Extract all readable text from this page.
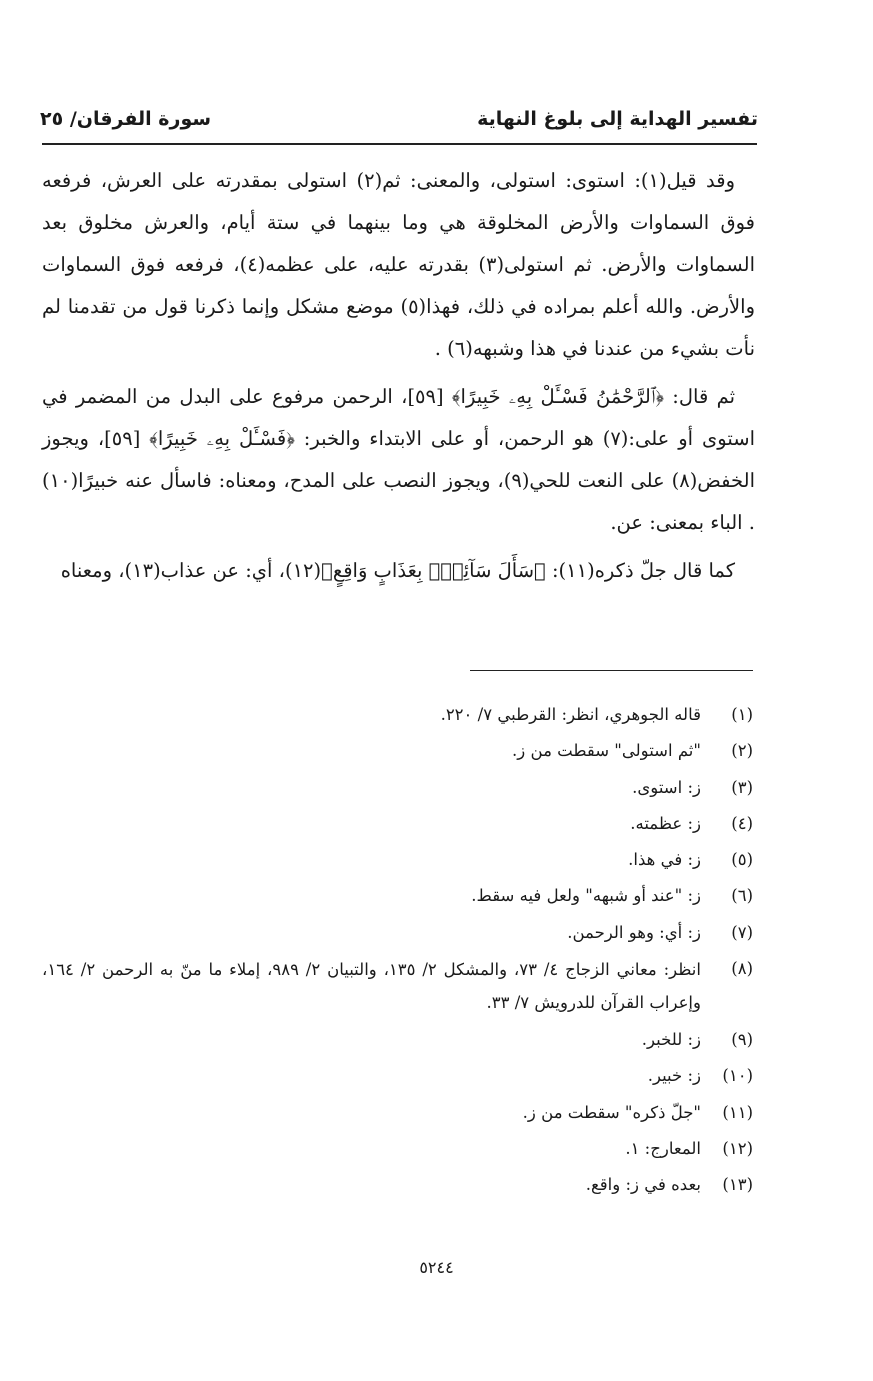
تفسير الهداية إلى بلوغ النهاية
سورة الفرقان/ ٢٥

وقد قيل(١): استوى: استولى، والمعنى: ثم(٢) استولى بمقدرته على العرش، فرفعه فوق السماوات والأرض المخلوقة هي وما بينهما في ستة أيام، والعرش مخلوق بعد السماوات والأرض. ثم استولى(٣) بقدرته عليه، على عظمه(٤)، فرفعه فوق السماوات والأرض. والله أعلم بمراده في ذلك، فهذا(٥) موضع مشكل وإنما ذكرنا قول من تقدمنا لم نأت بشيء من عندنا في هذا وشبهه(٦) .

ثم قال: ﴿ٱلرَّحْمَٰنُ فَسْـَٔلْ بِهِۦ خَبِيرًا﴾ [٥٩]، الرحمن مرفوع على البدل من المضمر في استوى أو على:(٧) هو الرحمن، أو على الابتداء والخبر: ﴿فَسْـَٔلْ بِهِۦ خَبِيرًا﴾ [٥٩]، ويجوز الخفض(٨) على النعت للحي(٩)، ويجوز النصب على المدح، ومعناه: فاسأل عنه خبيرًا(١٠) . الباء بمعنى: عن.

كما قال جلّ ذكره(١١): ﴿سَأَلَ سَآئِلٌۢ بِعَذَابٍ وَاقِعٍ﴾(١٢)، أي: عن عذاب(١٣)، ومعناه

(١)
قاله الجوهري، انظر: القرطبي ٧/ ٢٢٠.
(٢)
"ثم استولى" سقطت من ز.
(٣)
ز: استوى.
(٤)
ز: عظمته.
(٥)
ز: في هذا.
(٦)
ز: "عند أو شبهه" ولعل فيه سقط.
(٧)
ز: أي: وهو الرحمن.
(٨)
انظر: معاني الزجاج ٤/ ٧٣، والمشكل ٢/ ١٣٥، والتبيان ٢/ ٩٨٩، إملاء ما منّ به الرحمن ٢/ ١٦٤، وإعراب القرآن للدرويش ٧/ ٣٣.
(٩)
ز: للخبر.
(١٠)
ز: خبير.
(١١)
"جلّ ذكره" سقطت من ز.
(١٢)
المعارج: ١.
(١٣)
بعده في ز: واقع.
٥٢٤٤
